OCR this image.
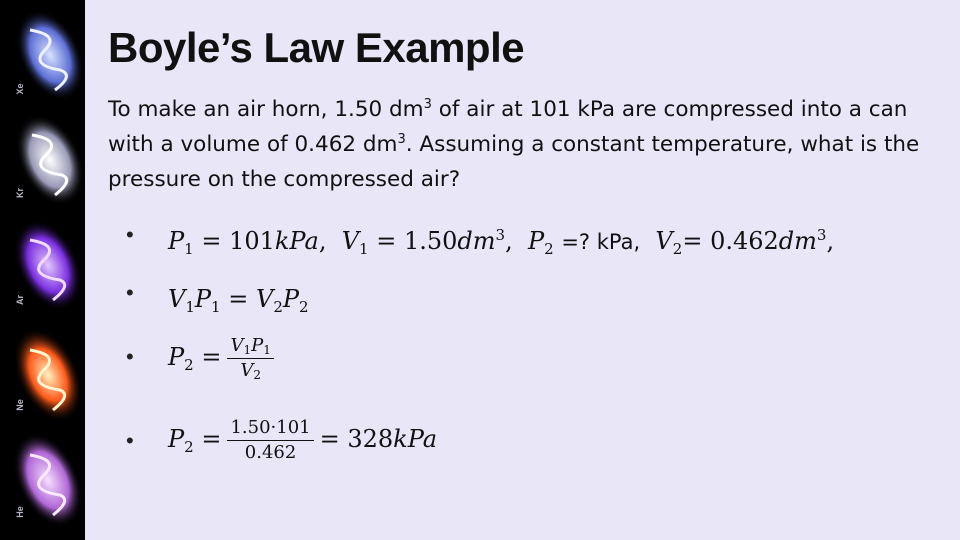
Xe
Kr
Ar
Ne
He
Boyle’s Law Example

To make an air horn, 1.50 $dm^3$ of air at 101 kPa are compressed into a can with a volume of 0.462 $dm^3$. Assuming a constant temperature, what is the pressure on the compressed air?

• $P_1 = 101kPa$,  $V_1 = 1.50dm^3$,  $P_2$ =? kPa, $V_2= 0.462dm^3$,
• $V_1P_1 = V_2P_2$
• $P_2 = \frac{V_1P_1}{V_2}$
• $P_2 = \frac{1.50\cdot 101}{0.462} = 328kPa$
